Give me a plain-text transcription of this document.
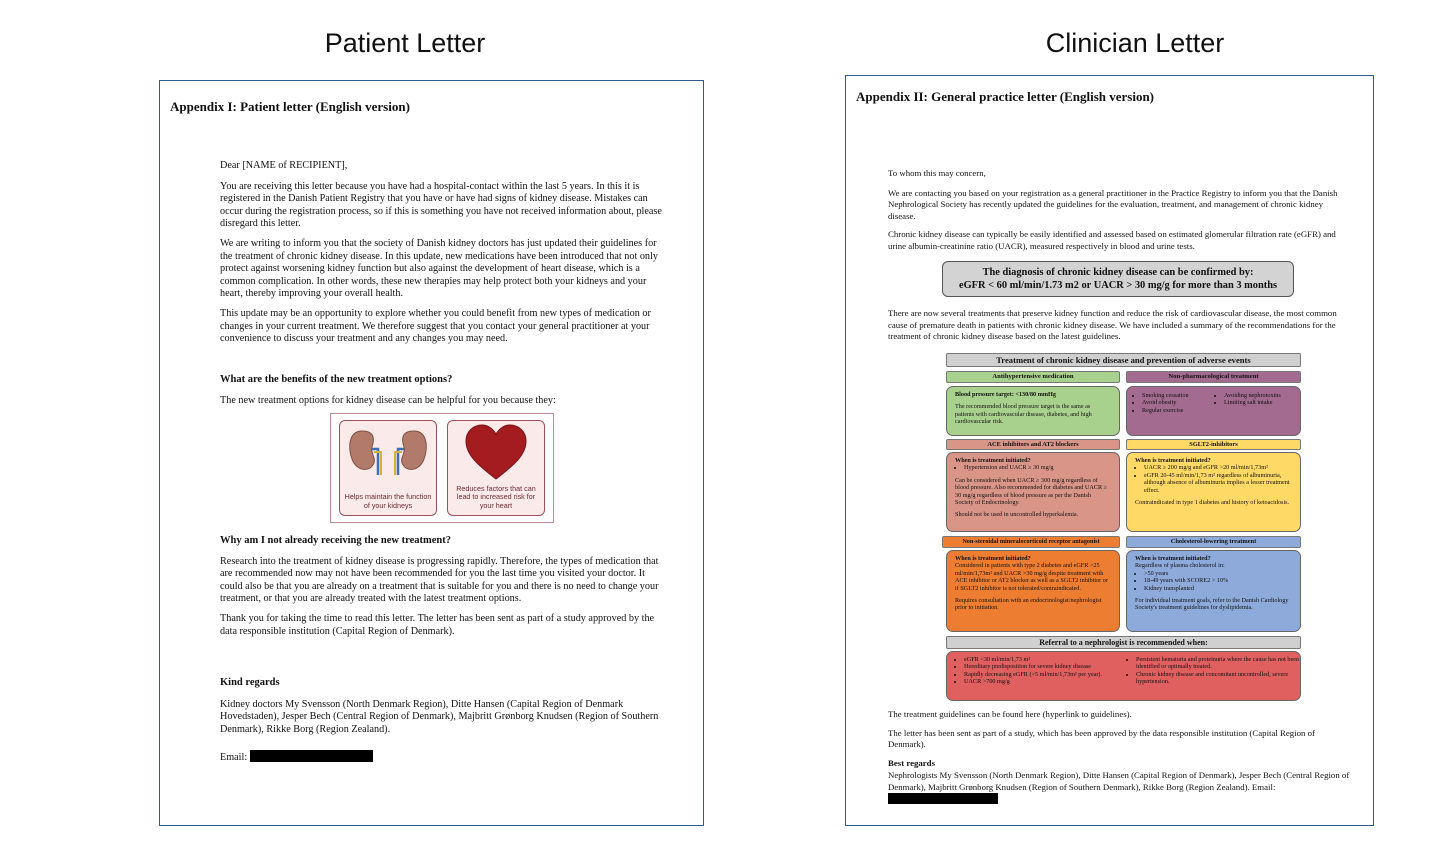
Patient Letter	Clinician Letter
Appendix I: Patient letter (English version)

Dear [NAME of RECIPIENT],

You are receiving this letter because you have had a hospital-contact within the last 5 years. In this it is registered in the Danish Patient Registry that you have or have had signs of kidney disease. Mistakes can occur during the registration process, so if this is something you have not received information about, please disregard this letter.

We are writing to inform you that the society of Danish kidney doctors has just updated their guidelines for the treatment of chronic kidney disease. In this update, new medications have been introduced that not only protect against worsening kidney function but also against the development of heart disease, which is a common complication. In other words, these new therapies may help protect both your kidneys and your heart, thereby improving your overall health.

This update may be an opportunity to explore whether you could benefit from new types of medication or changes in your current treatment. We therefore suggest that you contact your general practitioner at your convenience to discuss your treatment and any changes you may need.

What are the benefits of the new treatment options?

The new treatment options for kidney disease can be helpful for you because they:

Helps maintain the function of your kidneys
Reduces factors that can lead to increased risk for your heart

Why am I not already receiving the new treatment?

Research into the treatment of kidney disease is progressing rapidly. Therefore, the types of medication that are recommended now may not have been recommended for you the last time you visited your doctor. It could also be that you are already on a treatment that is suitable for you and there is no need to change your treatment, or that you are already treated with the latest treatment options.

Thank you for taking the time to read this letter. The letter has been sent as part of a study approved by the data responsible institution (Capital Region of Denmark).

Kind regards

Kidney doctors My Svensson (North Denmark Region), Ditte Hansen (Capital Region of Denmark Hovedstaden), Jesper Bech (Central Region of Denmark), Majbritt Grønborg Knudsen (Region of Southern Denmark), Rikke Borg (Region Zealand).

Email:

Appendix II: General practice letter (English version)

To whom this may concern,

We are contacting you based on your registration as a general practitioner in the Practice Registry to inform you that the Danish Nephrological Society has recently updated the guidelines for the evaluation, treatment, and management of chronic kidney disease.

Chronic kidney disease can typically be easily identified and assessed based on estimated glomerular filtration rate (eGFR) and urine albumin-creatinine ratio (UACR), measured respectively in blood and urine tests.

The diagnosis of chronic kidney disease can be confirmed by:
eGFR < 60 ml/min/1.73 m2 or UACR > 30 mg/g for more than 3 months

There are now several treatments that preserve kidney function and reduce the risk of cardiovascular disease, the most common cause of premature death in patients with chronic kidney disease. We have included a summary of the recommendations for the treatment of chronic kidney disease based on the latest guidelines.

Treatment of chronic kidney disease and prevention of adverse events
Antihypertensive medication	Non-pharmacological treatment

Blood pressure target: <130/80 mmHg

The recommended blood pressure target is the same as patients with cardiovascular disease, diabetes, and high cardiovascular risk.

• Smoking cessation
• Avoid obesity
• Regular exercise
• Avoiding nephrotoxins
• Limiting salt intake
ACE inhibitors and AT2 blockers	SGLT2-inhibitors

When is treatment initiated?

• Hypertension and UACR ≥ 30 mg/g

Can be considered when UACR ≥ 300 mg/g regardless of blood pressure. Also recommended for diabetes and UACR ≥ 30 mg/g regardless of blood pressure as per the Danish Society of Endocrinology.

Should not be used in uncontrolled hyperkalemia.

When is treatment initiated?

• UACR ≥ 200 mg/g and eGFR >20 ml/min/1,73m²
• eGFR 20-45 ml/min/1,73 m² regardless of albuminuria, although absence of albuminuria implies a lesser treatment effect.

Contraindicated in type 1 diabetes and history of ketoacidosis.

Non-steroidal mineralocorticoid receptor antagonist	Cholesterol-lowering treatment

When is treatment initiated?

Considered in patients with type 2 diabetes and eGFR >25 ml/min/1,73m² and UACR >30 mg/g despite treatment with ACE inhibitor or AT2 blocker as well as a SGLT2 inhibitor or if SGLT2 inhibitor is not tolerated/contraindicated.

Requires consultation with an endocrinologist/nephrologist prior to initiation.

When is treatment initiated?

Regardless of plasma cholesterol in:

• >50 years
• 18-49 years with SCORE2 > 10%
• Kidney transplanted

For individual treatment goals, refer to the Danish Cardiology Society's treatment guidelines for dyslipidemia.

Referral to a nephrologist is recommended when:
• eGFR <30 ml/min/1,73 m²
• Hereditary predisposition for severe kidney disease
• Rapidly decreasing eGFR (>5 ml/min/1,73m² per year).
• UACR >700 mg/g
• Persistent hematuria and proteinuria where the cause has not been identified or optimally treated.
• Chronic kidney disease and concomitant uncontrolled, severe hypertension.

The treatment guidelines can be found here (hyperlink to guidelines).

The letter has been sent as part of a study, which has been approved by the data responsible institution (Capital Region of Denmark).

Best regards

Nephrologists My Svensson (North Denmark Region), Ditte Hansen (Capital Region of Denmark), Jesper Bech (Central Region of Denmark), Majbritt Grønborg Knudsen (Region of Southern Denmark), Rikke Borg (Region Zealand). Email:
